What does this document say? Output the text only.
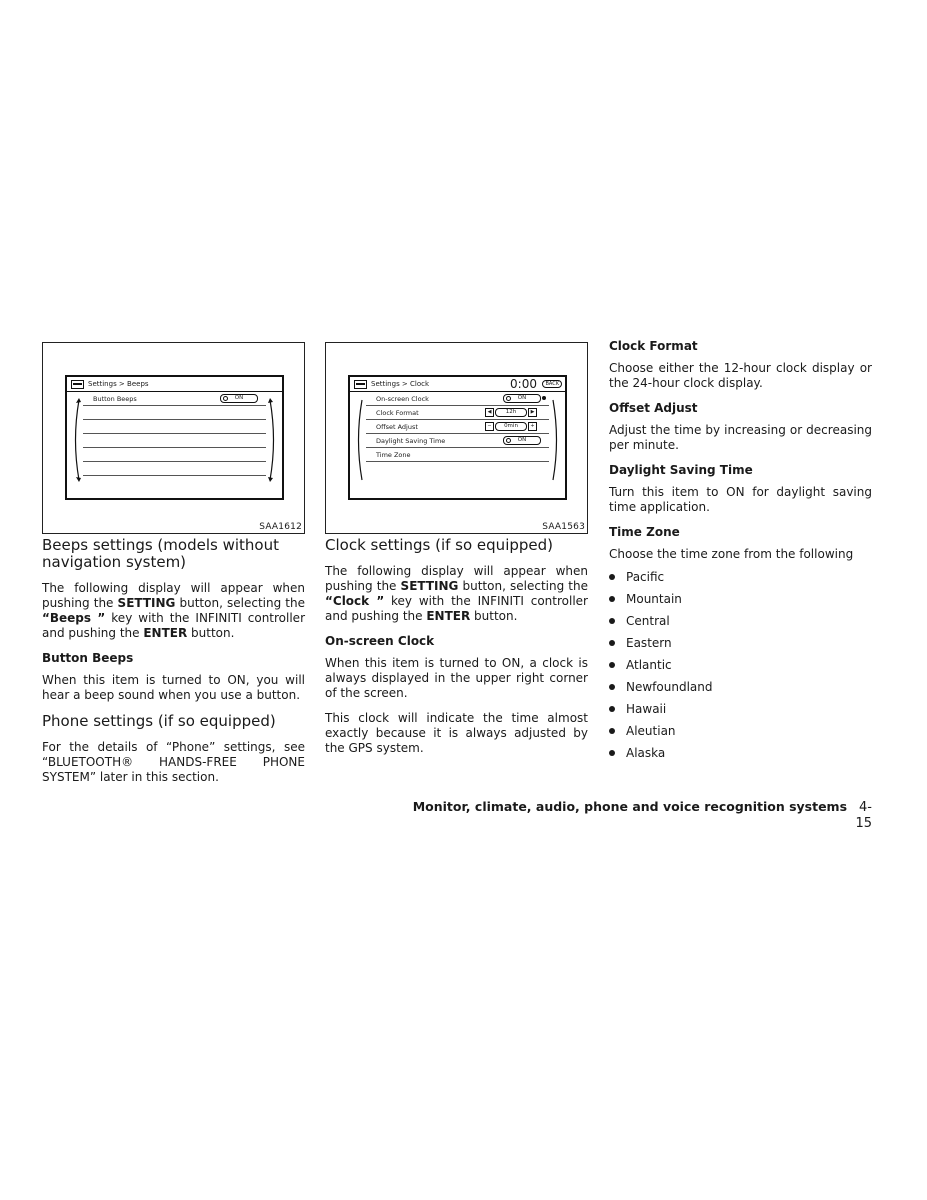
Settings > Beeps
Button Beeps	ON
SAA1612
Beeps settings (models without navigation system)

The following display will appear when pushing the SETTING button, selecting the “Beeps ” key with the INFINITI controller and pushing the ENTER button.

Button Beeps

When this item is turned to ON, you will hear a beep sound when you use a button.

Phone settings (if so equipped)

For the details of “Phone” settings, see “BLUETOOTH® HANDS-FREE PHONE SYSTEM” later in this section.

Settings > Clock	0:00	BACK
On-screen Clock	ON
Clock Format	◀	12h	▶
Offset Adjust	−	0min	+
Daylight Saving Time	ON
Time Zone
SAA1563
Clock settings (if so equipped)

The following display will appear when pushing the SETTING button, selecting the “Clock ” key with the INFINITI controller and pushing the ENTER button.

On-screen Clock

When this item is turned to ON, a clock is always displayed in the upper right corner of the screen.

This clock will indicate the time almost exactly because it is always adjusted by the GPS system.

Clock Format

Choose either the 12-hour clock display or the 24-hour clock display.

Offset Adjust

Adjust the time by increasing or decreasing per minute.

Daylight Saving Time

Turn this item to ON for daylight saving time application.

Time Zone

Choose the time zone from the following

Pacific
Mountain
Central
Eastern
Atlantic
Newfoundland
Hawaii
Aleutian
Alaska
Monitor, climate, audio, phone and voice recognition systems 4-15
